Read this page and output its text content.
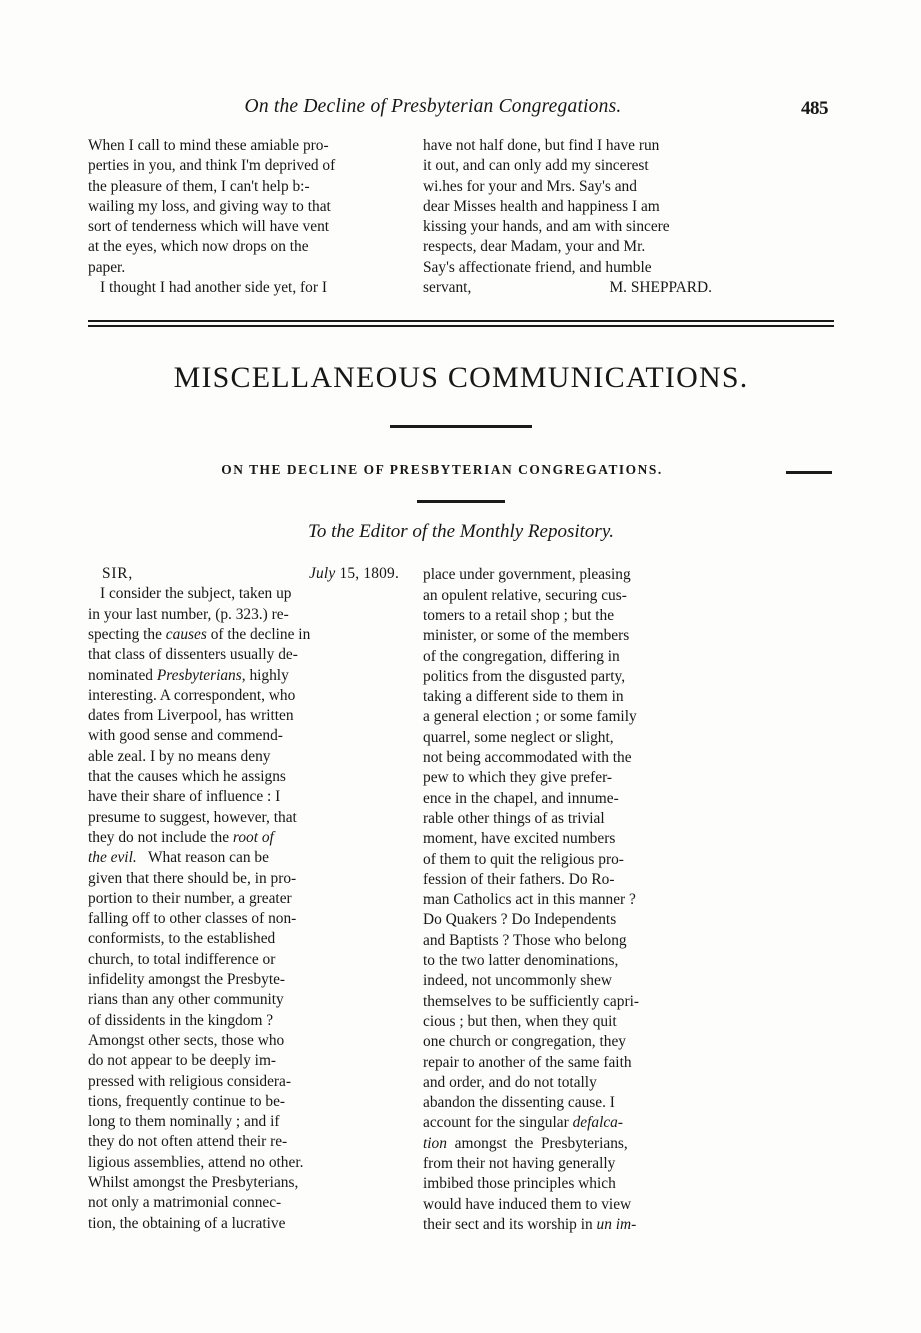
On the Decline of Presbyterian Congregations.	485
When I call to mind these amiable pro-
perties in you, and think I'm deprived of
the pleasure of them, I can't help b:-
wailing my loss, and giving way to that
sort of tenderness which will have vent
at the eyes, which now drops on the
paper.
I thought I had another side yet, for I
have not half done, but find I have run
it out, and can only add my sincerest
wi.hes for your and Mrs. Say's and
dear Misses health and happiness I am
kissing your hands, and am with sincere
respects, dear Madam, your and Mr.
Say's affectionate friend, and humble
servant,	M. SHEPPARD.
MISCELLANEOUS COMMUNICATIONS.
ON THE DECLINE OF PRESBYTERIAN CONGREGATIONS.
To the Editor of the Monthly Repository.
SIR,	July 15, 1809.
I consider the subject, taken up
in your last number, (p. 323.) re-
specting the causes of the decline in
that class of dissenters usually de-
nominated Presbyterians, highly
interesting. A correspondent, who
dates from Liverpool, has written
with good sense and commend-
able zeal. I by no means deny
that the causes which he assigns
have their share of influence : I
presume to suggest, however, that
they do not include the root of
the evil.   What reason can be
given that there should be, in pro-
portion to their number, a greater
falling off to other classes of non-
conformists, to the established
church, to total indifference or
infidelity amongst the Presbyte-
rians than any other community
of dissidents in the kingdom ?
Amongst other sects, those who
do not appear to be deeply im-
pressed with religious considera-
tions, frequently continue to be-
long to them nominally ; and if
they do not often attend their re-
ligious assemblies, attend no other.
Whilst amongst the Presbyterians,
not only a matrimonial connec-
tion, the obtaining of a lucrative
place under government, pleasing
an opulent relative, securing cus-
tomers to a retail shop ; but the
minister, or some of the members
of the congregation, differing in
politics from the disgusted party,
taking a different side to them in
a general election ; or some family
quarrel, some neglect or slight,
not being accommodated with the
pew to which they give prefer-
ence in the chapel, and innume-
rable other things of as trivial
moment, have excited numbers
of them to quit the religious pro-
fession of their fathers. Do Ro-
man Catholics act in this manner ?
Do Quakers ? Do Independents
and Baptists ? Those who belong
to the two latter denominations,
indeed, not uncommonly shew
themselves to be sufficiently capri-
cious ; but then, when they quit
one church or congregation, they
repair to another of the same faith
and order, and do not totally
abandon the dissenting cause. I
account for the singular defalca-
tion  amongst  the  Presbyterians,
from their not having generally
imbibed those principles which
would have induced them to view
their sect and its worship in un im-
